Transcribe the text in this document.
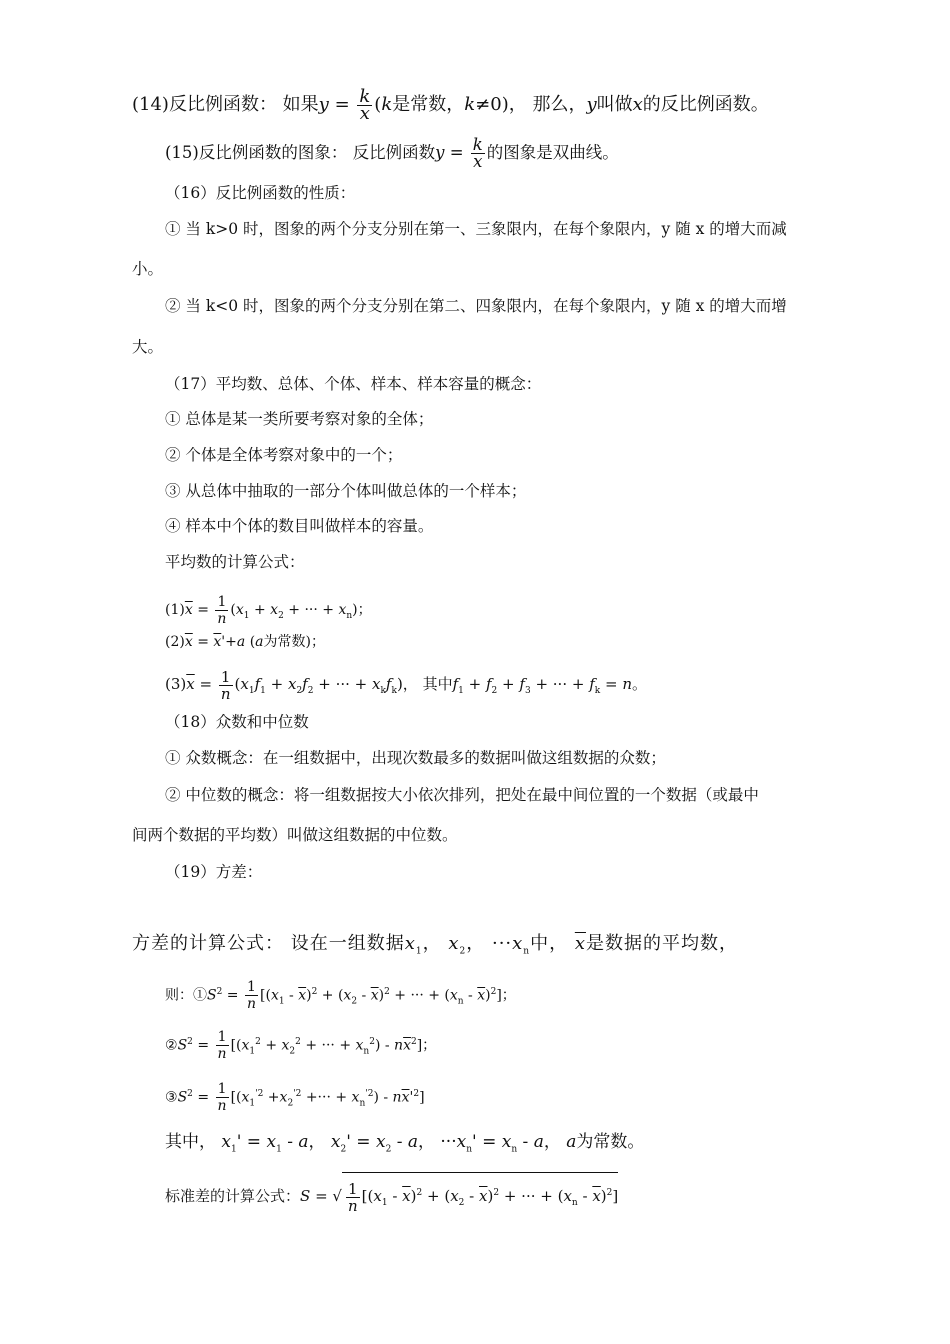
(14)反比例函数： 如果$y = \frac{k}{x} (k$是常数，k≠0)， 那么，y叫做x的反比例函数。
(15)反比例函数的图象： 反比例函数$y = \frac{k}{x}$ 的图象是双曲线。
（16）反比例函数的性质：
① 当 k>0 时，图象的两个分支分别在第一、三象限内，在每个象限内，y 随 x 的增大而减
小。
② 当 k<0 时，图象的两个分支分别在第二、四象限内，在每个象限内，y 随 x 的增大而增
大。
（17）平均数、总体、个体、样本、样本容量的概念：
① 总体是某一类所要考察对象的全体；
② 个体是全体考察对象中的一个；
③ 从总体中抽取的一部分个体叫做总体的一个样本；
④ 样本中个体的数目叫做样本的容量。
平均数的计算公式：
$(1)\overline{x} = \frac{1}{n} (x_1 + x_2$ + ··· + $x_n$)；
$(2)\overline{x} = \overline{x}'+a$ (a为常数)；
$(3)\overline{x} = \frac{1}{n} (x_1f_1 + x_2f_2$ + ··· + $x_kf_k$)， 其中$f_1 + f_2 + f_3$ + ··· + $f_k = n$。
（18）众数和中位数
① 众数概念：在一组数据中，出现次数最多的数据叫做这组数据的众数；
② 中位数的概念：将一组数据按大小依次排列，把处在最中间位置的一个数据（或最中
间两个数据的平均数）叫做这组数据的中位数。
（19）方差：
方差的计算公式： 设在一组数据$x_1$， $x_2$， $\cdot\cdot\cdot x_n$中， $\overline{x}$是数据的平均数，
则：$①S^2 = \frac{1}{n} [(x_1 - \overline{x})^2 + (x_2 - \overline{x})^2$ + ··· + $(x_n - \overline{x})^2$]；
$②S^2 = \frac{1}{n} [(x_1^2 + x_2^2$ + ··· + $x_n^2) - n\overline{x}^2$]；
$③S^2 = \frac{1}{n} [(x_1^{'2} +x_2^{'2}$ +··· + $x_n^{'2}) - n\overline{x}'^2$]
其中， $x_1' = x_1 - a$， $x_2' = x_2 - a$， $\cdot\cdot\cdot x_n' = x_n - a$， a为常数。
标准差的计算公式：S = √ $\frac{1}{n} [(x_1 - \overline{x})^2 + (x_2 - \overline{x})^2$ + ··· + $(x_n - \overline{x})^2$]
